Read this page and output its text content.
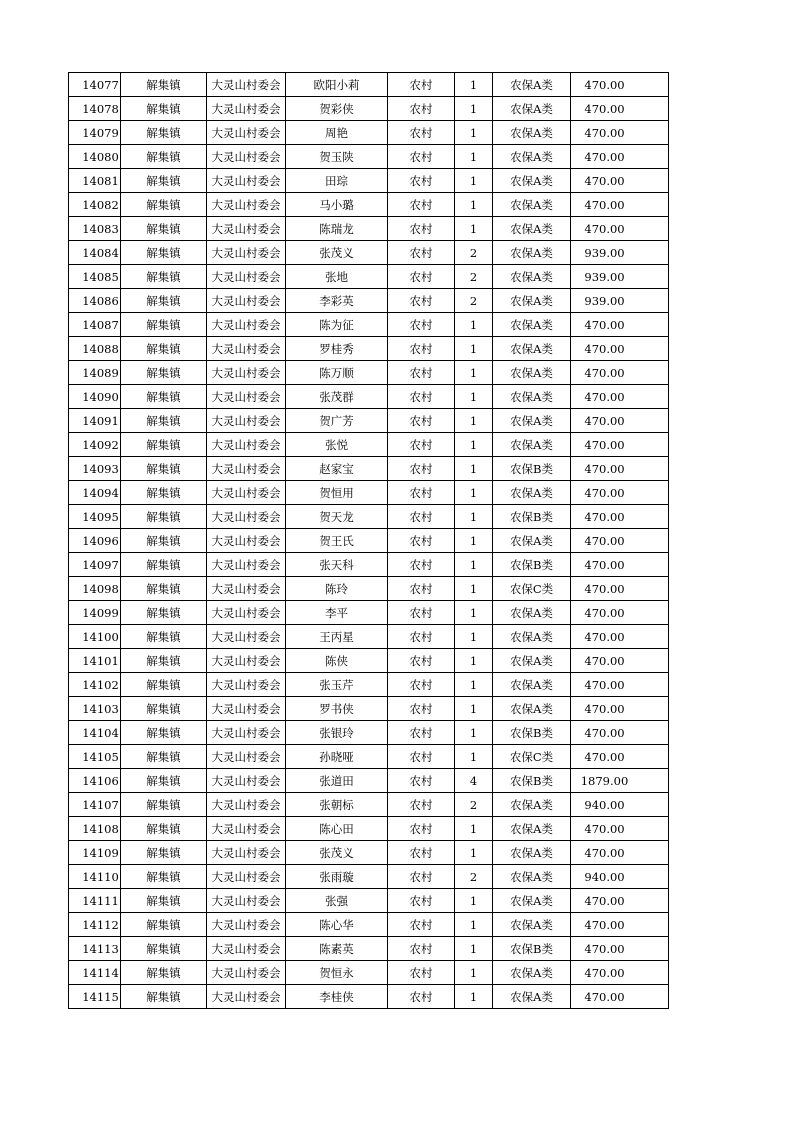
14077	解集镇	大灵山村委会	欧阳小莉	农村	1	农保A类	470.00
14078	解集镇	大灵山村委会	贺彩侠	农村	1	农保A类	470.00
14079	解集镇	大灵山村委会	周艳	农村	1	农保A类	470.00
14080	解集镇	大灵山村委会	贺玉陕	农村	1	农保A类	470.00
14081	解集镇	大灵山村委会	田琮	农村	1	农保A类	470.00
14082	解集镇	大灵山村委会	马小璐	农村	1	农保A类	470.00
14083	解集镇	大灵山村委会	陈瑞龙	农村	1	农保A类	470.00
14084	解集镇	大灵山村委会	张茂义	农村	2	农保A类	939.00
14085	解集镇	大灵山村委会	张地	农村	2	农保A类	939.00
14086	解集镇	大灵山村委会	李彩英	农村	2	农保A类	939.00
14087	解集镇	大灵山村委会	陈为征	农村	1	农保A类	470.00
14088	解集镇	大灵山村委会	罗桂秀	农村	1	农保A类	470.00
14089	解集镇	大灵山村委会	陈万顺	农村	1	农保A类	470.00
14090	解集镇	大灵山村委会	张茂群	农村	1	农保A类	470.00
14091	解集镇	大灵山村委会	贺广芳	农村	1	农保A类	470.00
14092	解集镇	大灵山村委会	张悦	农村	1	农保A类	470.00
14093	解集镇	大灵山村委会	赵家宝	农村	1	农保B类	470.00
14094	解集镇	大灵山村委会	贺恒用	农村	1	农保A类	470.00
14095	解集镇	大灵山村委会	贺天龙	农村	1	农保B类	470.00
14096	解集镇	大灵山村委会	贺王氏	农村	1	农保A类	470.00
14097	解集镇	大灵山村委会	张天科	农村	1	农保B类	470.00
14098	解集镇	大灵山村委会	陈玲	农村	1	农保C类	470.00
14099	解集镇	大灵山村委会	李平	农村	1	农保A类	470.00
14100	解集镇	大灵山村委会	王丙星	农村	1	农保A类	470.00
14101	解集镇	大灵山村委会	陈侠	农村	1	农保A类	470.00
14102	解集镇	大灵山村委会	张玉芹	农村	1	农保A类	470.00
14103	解集镇	大灵山村委会	罗书侠	农村	1	农保A类	470.00
14104	解集镇	大灵山村委会	张银玲	农村	1	农保B类	470.00
14105	解集镇	大灵山村委会	孙晓哑	农村	1	农保C类	470.00
14106	解集镇	大灵山村委会	张道田	农村	4	农保B类	1879.00
14107	解集镇	大灵山村委会	张朝标	农村	2	农保A类	940.00
14108	解集镇	大灵山村委会	陈心田	农村	1	农保A类	470.00
14109	解集镇	大灵山村委会	张茂义	农村	1	农保A类	470.00
14110	解集镇	大灵山村委会	张雨璇	农村	2	农保A类	940.00
14111	解集镇	大灵山村委会	张强	农村	1	农保A类	470.00
14112	解集镇	大灵山村委会	陈心华	农村	1	农保A类	470.00
14113	解集镇	大灵山村委会	陈素英	农村	1	农保B类	470.00
14114	解集镇	大灵山村委会	贺恒永	农村	1	农保A类	470.00
14115	解集镇	大灵山村委会	李桂侠	农村	1	农保A类	470.00
